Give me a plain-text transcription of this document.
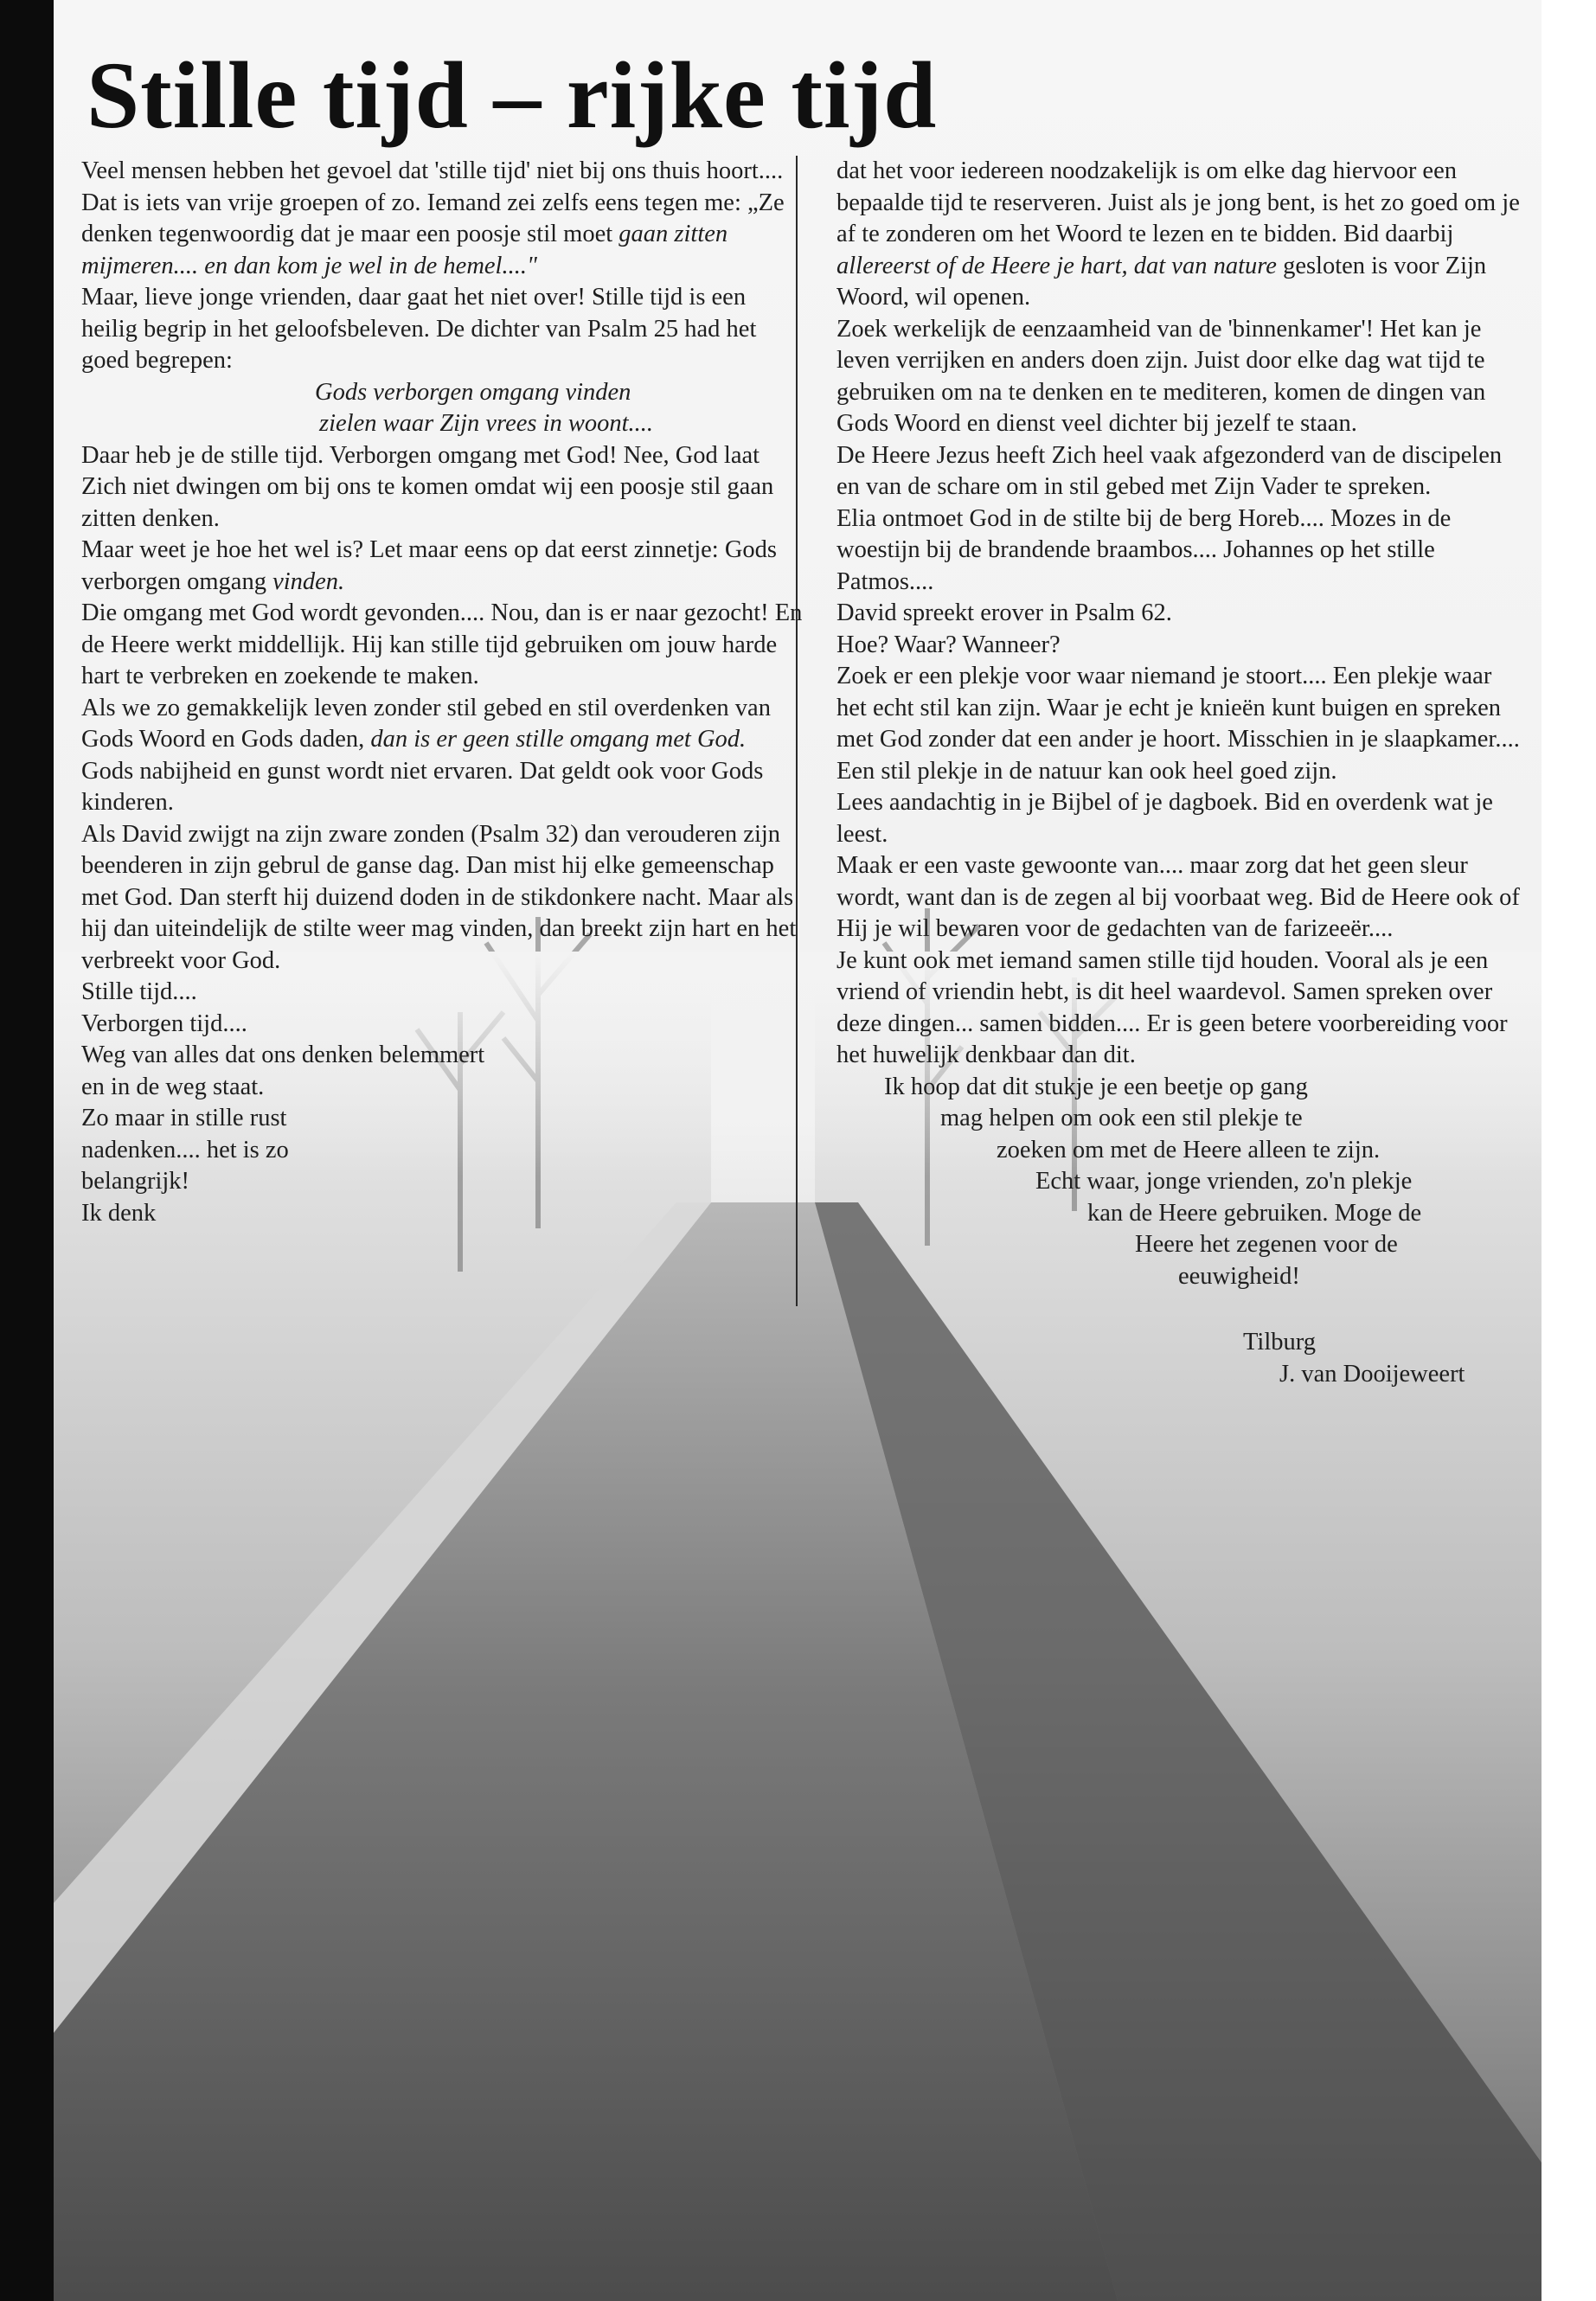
Stille tijd – rijke tijd

Veel mensen hebben het gevoel dat 'stille tijd' niet bij ons thuis hoort.... Dat is iets van vrije groepen of zo. Iemand zei zelfs eens tegen me: „Ze denken tegenwoordig dat je maar een poosje stil moet gaan zitten mijmeren.... en dan kom je wel in de hemel...."

Maar, lieve jonge vrienden, daar gaat het niet over! Stille tijd is een heilig begrip in het geloofsbeleven. De dichter van Psalm 25 had het goed begrepen:

Gods verborgen omgang vinden

zielen waar Zijn vrees in woont....

Daar heb je de stille tijd. Verborgen omgang met God! Nee, God laat Zich niet dwingen om bij ons te komen omdat wij een poosje stil gaan zitten denken.

Maar weet je hoe het wel is? Let maar eens op dat eerst zinnetje: Gods verborgen omgang vinden.

Die omgang met God wordt gevonden.... Nou, dan is er naar gezocht! En de Heere werkt middellijk. Hij kan stille tijd gebruiken om jouw harde hart te verbreken en zoekende te maken.

Als we zo gemakkelijk leven zonder stil gebed en stil overdenken van Gods Woord en Gods daden, dan is er geen stille omgang met God. Gods nabijheid en gunst wordt niet ervaren. Dat geldt ook voor Gods kinderen.

Als David zwijgt na zijn zware zonden (Psalm 32) dan verouderen zijn beenderen in zijn gebrul de ganse dag. Dan mist hij elke gemeenschap met God. Dan sterft hij duizend doden in de stikdonkere nacht. Maar als hij dan uiteindelijk de stilte weer mag vinden, dan breekt zijn hart en het verbreekt voor God.

Stille tijd....

Verborgen tijd....

Weg van alles dat ons denken belemmert en in de weg staat.

Zo maar in stille rust nadenken.... het is zo belangrijk!

Ik denk

dat het voor iedereen noodzakelijk is om elke dag hiervoor een bepaalde tijd te reserveren. Juist als je jong bent, is het zo goed om je af te zonderen om het Woord te lezen en te bidden. Bid daarbij allereerst of de Heere je hart, dat van nature gesloten is voor Zijn Woord, wil openen.

Zoek werkelijk de eenzaamheid van de 'binnenkamer'! Het kan je leven verrijken en anders doen zijn. Juist door elke dag wat tijd te gebruiken om na te denken en te mediteren, komen de dingen van Gods Woord en dienst veel dichter bij jezelf te staan.

De Heere Jezus heeft Zich heel vaak afgezonderd van de discipelen en van de schare om in stil gebed met Zijn Vader te spreken.

Elia ontmoet God in de stilte bij de berg Horeb.... Mozes in de woestijn bij de brandende braambos.... Johannes op het stille Patmos....

David spreekt erover in Psalm 62.

Hoe? Waar? Wanneer?

Zoek er een plekje voor waar niemand je stoort.... Een plekje waar het echt stil kan zijn. Waar je echt je knieën kunt buigen en spreken met God zonder dat een ander je hoort. Misschien in je slaapkamer....

Een stil plekje in de natuur kan ook heel goed zijn.

Lees aandachtig in je Bijbel of je dagboek. Bid en overdenk wat je leest.

Maak er een vaste gewoonte van.... maar zorg dat het geen sleur wordt, want dan is de zegen al bij voorbaat weg. Bid de Heere ook of Hij je wil bewaren voor de gedachten van de farizeeër....

Je kunt ook met iemand samen stille tijd houden. Vooral als je een vriend of vriendin hebt, is dit heel waardevol. Samen spreken over deze dingen... samen bidden.... Er is geen betere voorbereiding voor het huwelijk denkbaar dan dit.

Ik hoop dat dit stukje je een beetje op gang

mag helpen om ook een stil plekje te

zoeken om met de Heere alleen te zijn.

Echt waar, jonge vrienden, zo'n plekje

kan de Heere gebruiken. Moge de

Heere het zegenen voor de

eeuwigheid!

Tilburg

J. van Dooijeweert
